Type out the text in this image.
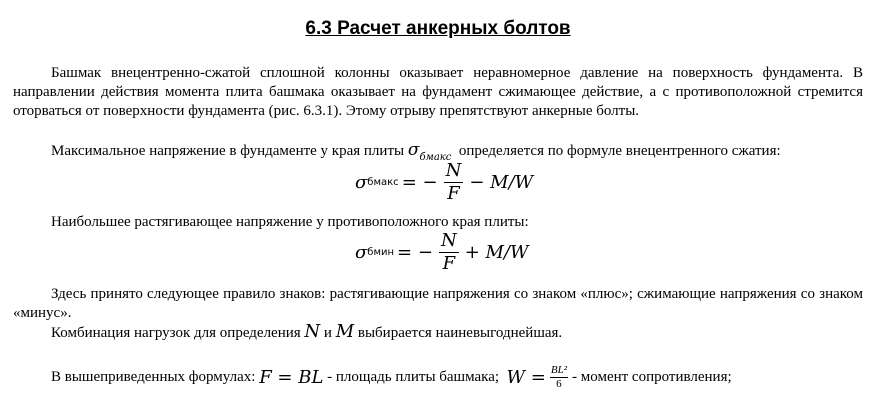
6.3 Расчет анкерных болтов
Башмак внецентренно-сжатой сплошной колонны оказывает неравномерное давление на поверхность фундамента. В направлении действия момента плита башмака оказывает на фундамент сжимающее действие, а с противоположной стремится оторваться от поверхности фундамента (рис. 6.3.1). Этому отрыву препятствуют анкерные болты.
Максимальное напряжение в фундаменте у края плиты $\sigma_{бмакс}$ определяется по формуле внецентренного сжатия:
σ бмакс = − $\frac{N}{F} - M/W$
Наибольшее растягивающее напряжение у противоположного края плиты:
σ бмин = − $\frac{N}{F} + M/W$
Здесь принято следующее правило знаков: растягивающие напряжения со знаком «плюс»; сжимающие напряжения со знаком «минус».
Комбинация нагрузок для определения N и M выбирается наиневыгоднейшая.
В вышеприведенных формулах:
F = BL
- площадь плиты башмака;
$W = \frac{\text{BL²}}{6}$ - момент сопротивления;
